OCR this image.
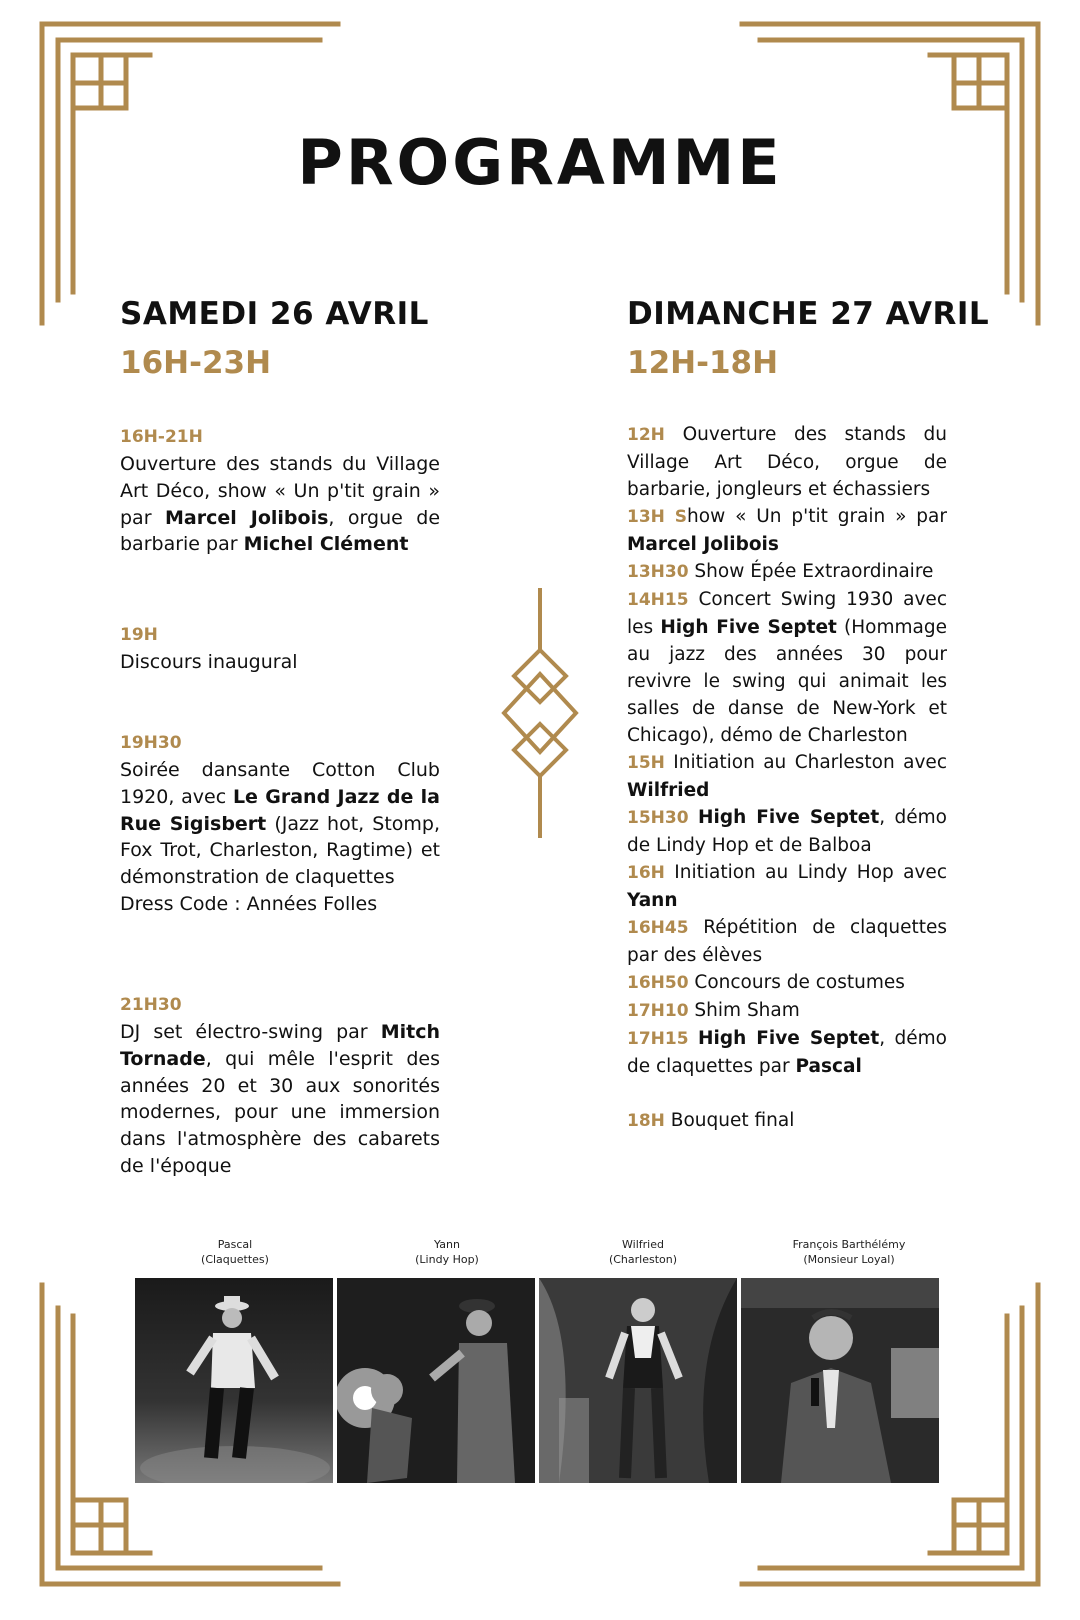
PROGRAMME
SAMEDI 26 AVRIL
16H-23H
16H-21H
Ouverture des stands du Village Art Déco, show « Un p'tit grain » par Marcel Jolibois, orgue de barbarie par Michel Clément
19H
Discours inaugural
19H30
Soirée dansante Cotton Club 1920, avec Le Grand Jazz de la Rue Sigisbert (Jazz hot, Stomp, Fox Trot, Charleston, Ragtime) et démonstration de claquettes
Dress Code : Années Folles
21H30
DJ set électro-swing par Mitch Tornade, qui mêle l'esprit des années 20 et 30 aux sonorités modernes, pour une immersion dans l'atmosphère des cabarets de l'époque
DIMANCHE 27 AVRIL
12H-18H
12H Ouverture des stands du Village Art Déco, orgue de barbarie, jongleurs et échassiers
13H Show « Un p'tit grain » par Marcel Jolibois
13H30 Show Épée Extraordinaire
14H15 Concert Swing 1930 avec les High Five Septet (Hommage au jazz des années 30 pour revivre le swing qui animait les salles de danse de New-York et Chicago), démo de Charleston
15H Initiation au Charleston avec Wilfried
15H30 High Five Septet, démo de Lindy Hop et de Balboa
16H Initiation au Lindy Hop avec Yann
16H45 Répétition de claquettes par des élèves
16H50 Concours de costumes
17H10 Shim Sham
17H15 High Five Septet, démo de claquettes par Pascal
18H Bouquet final
Pascal
(Claquettes)
Yann
(Lindy Hop)
Wilfried
(Charleston)
François Barthélémy
(Monsieur Loyal)
